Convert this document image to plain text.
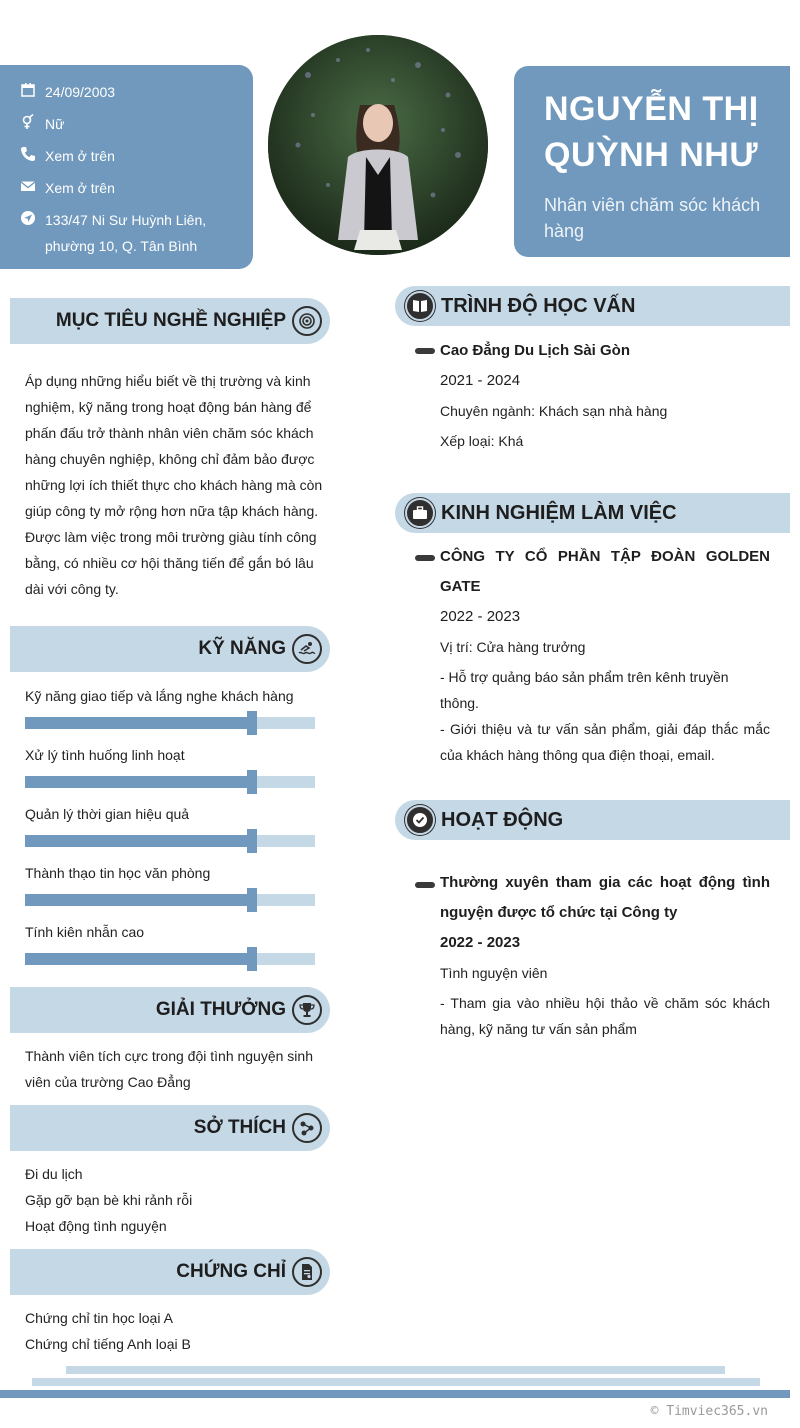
24/09/2003
Nữ
Xem ở trên
Xem ở trên
133/47 Ni Sư Huỳnh Liên, phường 10, Q. Tân Bình
NGUYỄN THỊ QUỲNH NHƯ
Nhân viên chăm sóc khách hàng
MỤC TIÊU NGHỀ NGHIỆP
Áp dụng những hiểu biết về thị trường và kinh nghiệm, kỹ năng trong hoạt động bán hàng để phấn đấu trở thành nhân viên chăm sóc khách hàng chuyên nghiệp, không chỉ đảm bảo được những lợi ích thiết thực cho khách hàng mà còn giúp công ty mở rộng hơn nữa tập khách hàng. Được làm việc trong môi trường giàu tính công bằng, có nhiều cơ hội thăng tiến để gắn bó lâu dài với công ty.
KỸ NĂNG
Kỹ năng giao tiếp và lắng nghe khách hàng
Xử lý tình huống linh hoạt
Quản lý thời gian hiệu quả
Thành thạo tin học văn phòng
Tính kiên nhẫn cao
GIẢI THƯỞNG
Thành viên tích cực trong đội tình nguyện sinh viên của trường Cao Đẳng
SỞ THÍCH
Đi du lịch
Gặp gỡ bạn bè khi rảnh rỗi
Hoạt động tình nguyện
CHỨNG CHỈ
Chứng chỉ tin học loại A
Chứng chỉ tiếng Anh loại B
TRÌNH ĐỘ HỌC VẤN
Cao Đẳng Du Lịch Sài Gòn
2021 - 2024
Chuyên ngành: Khách sạn nhà hàng
Xếp loại: Khá
KINH NGHIỆM LÀM VIỆC
CÔNG TY CỔ PHẦN TẬP ĐOÀN GOLDEN GATE
2022 - 2023
Vị trí: Cửa hàng trưởng
- Hỗ trợ quảng báo sản phẩm trên kênh truyền thông.
- Giới thiệu và tư vấn sản phẩm, giải đáp thắc mắc của khách hàng thông qua điện thoại, email.
HOẠT ĐỘNG
Thường xuyên tham gia các hoạt động tình nguyện được tổ chức tại Công ty
2022 - 2023
Tình nguyện viên
- Tham gia vào nhiều hội thảo về chăm sóc khách hàng, kỹ năng tư vấn sản phẩm
© Timviec365.vn
